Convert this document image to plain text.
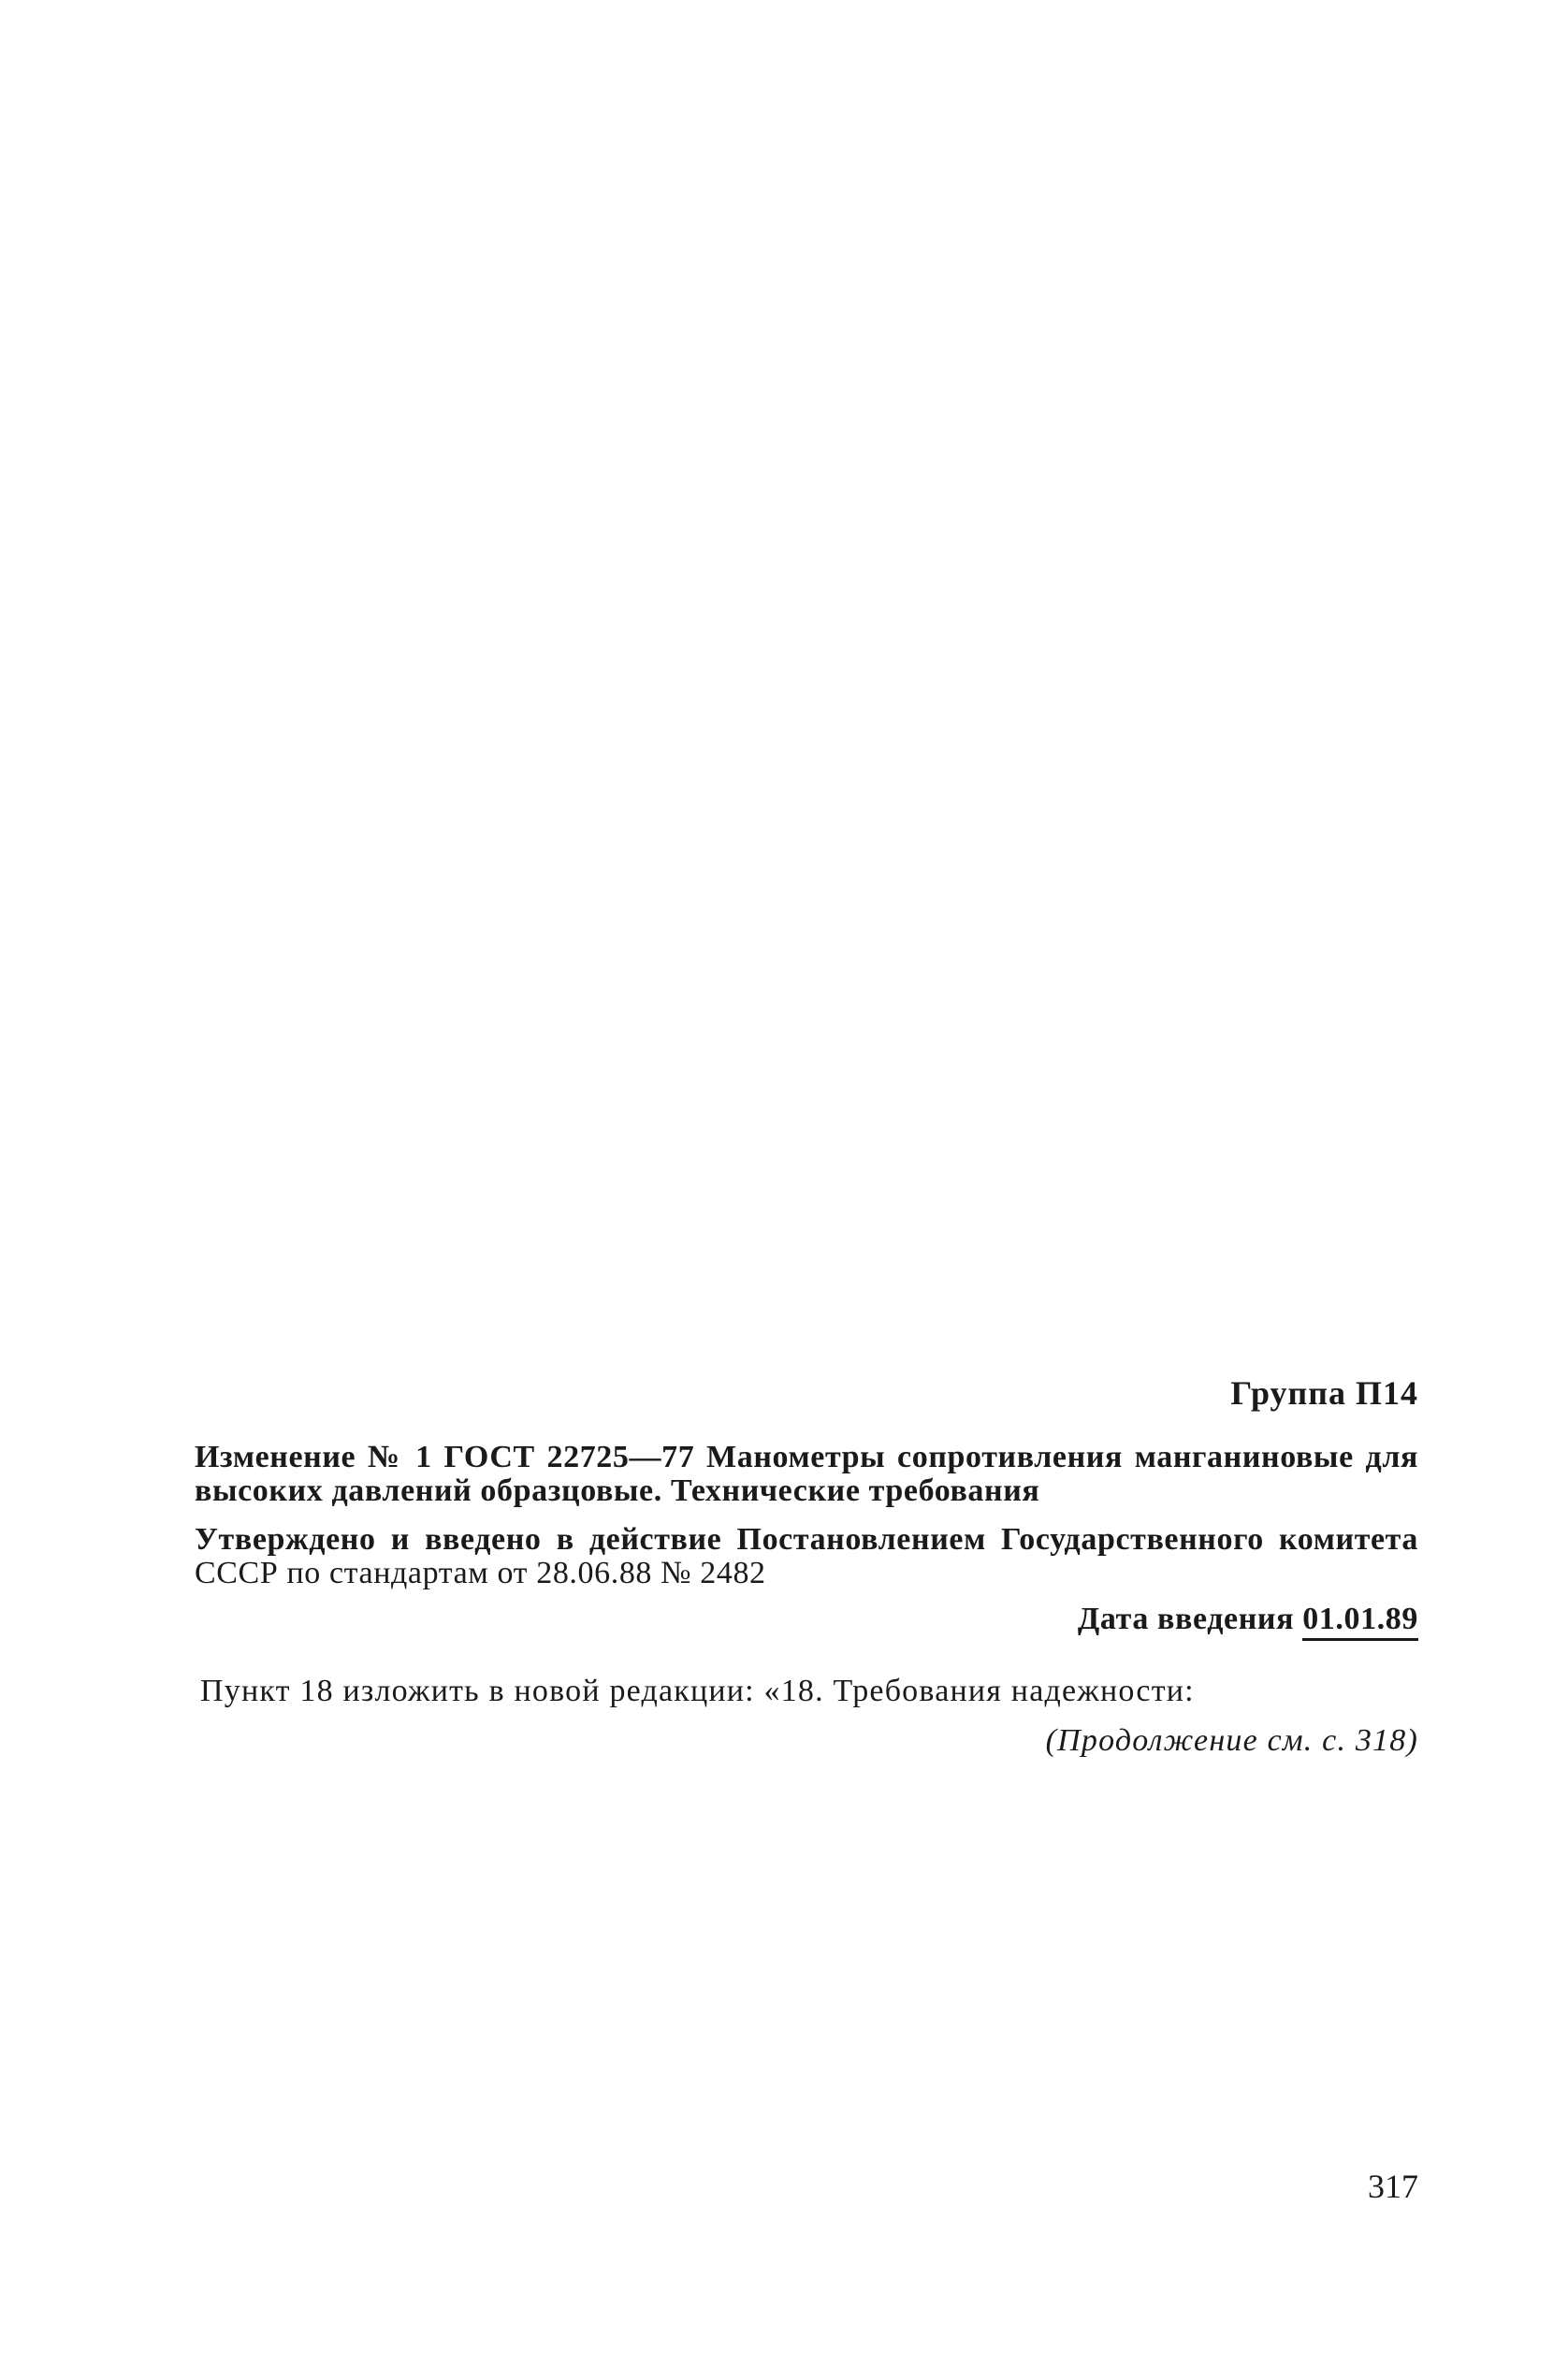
Группа П14
Изменение № 1 ГОСТ 22725—77 Манометры сопротивления манганиновые для высоких давлений образцовые. Технические требования
Утверждено и введено в действие Постановлением Государственного комитета СССР по стандартам от 28.06.88 № 2482
Дата введения 01.01.89
Пункт 18 изложить в новой редакции: «18. Требования надежности:
(Продолжение см. с. 318)
317
